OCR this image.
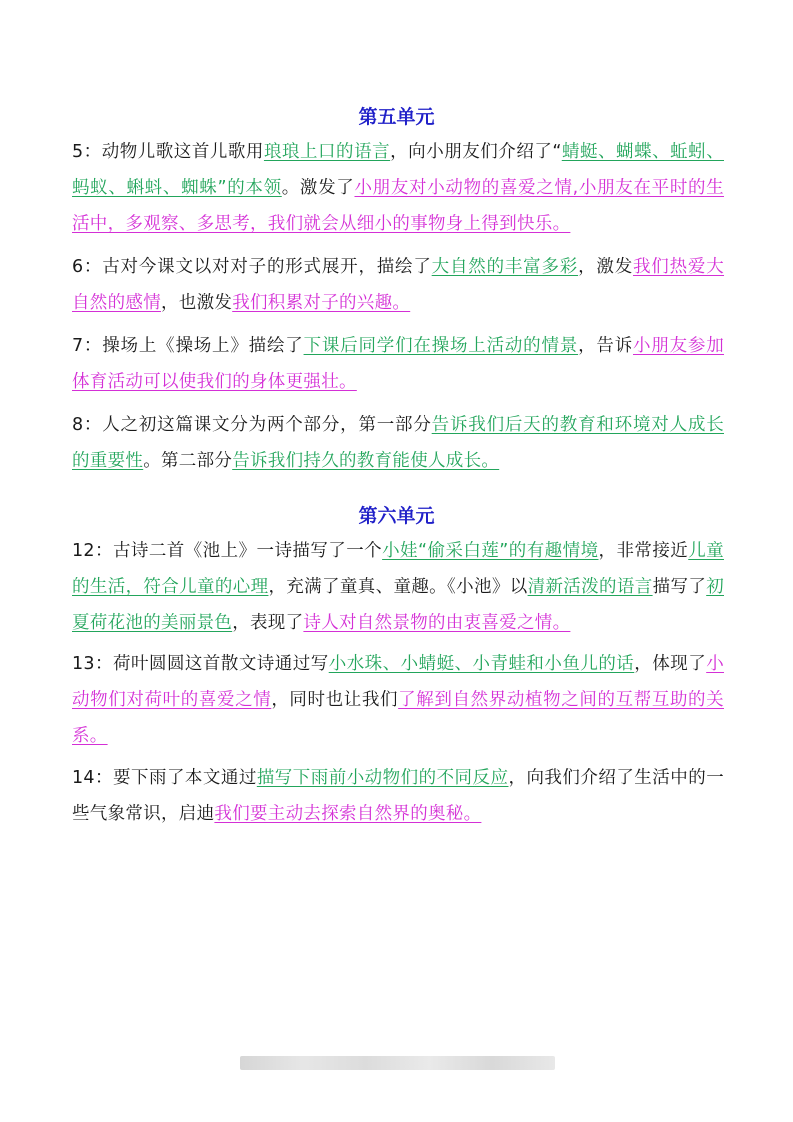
第五单元
5：动物儿歌这首儿歌用琅琅上口的语言，向小朋友们介绍了“蜻蜓、蝴蝶、蚯蚓、蚂蚁、蝌蚪、蜘蛛”的本领。激发了小朋友对小动物的喜爱之情,小朋友在平时的生活中，多观察、多思考，我们就会从细小的事物身上得到快乐。
6：古对今课文以对对子的形式展开，描绘了大自然的丰富多彩，激发我们热爱大自然的感情，也激发我们积累对子的兴趣。
7：操场上《操场上》描绘了下课后同学们在操场上活动的情景，告诉小朋友参加体育活动可以使我们的身体更强壮。
8：人之初这篇课文分为两个部分，第一部分告诉我们后天的教育和环境对人成长的重要性。第二部分告诉我们持久的教育能使人成长。
第六单元
12：古诗二首《池上》一诗描写了一个小娃“偷采白莲”的有趣情境，非常接近儿童的生活，符合儿童的心理，充满了童真、童趣。《小池》以清新活泼的语言描写了初夏荷花池的美丽景色，表现了诗人对自然景物的由衷喜爱之情。
13：荷叶圆圆这首散文诗通过写小水珠、小蜻蜓、小青蛙和小鱼儿的话，体现了小动物们对荷叶的喜爱之情，同时也让我们了解到自然界动植物之间的互帮互助的关系。
14：要下雨了本文通过描写下雨前小动物们的不同反应，向我们介绍了生活中的一些气象常识，启迪我们要主动去探索自然界的奥秘。
